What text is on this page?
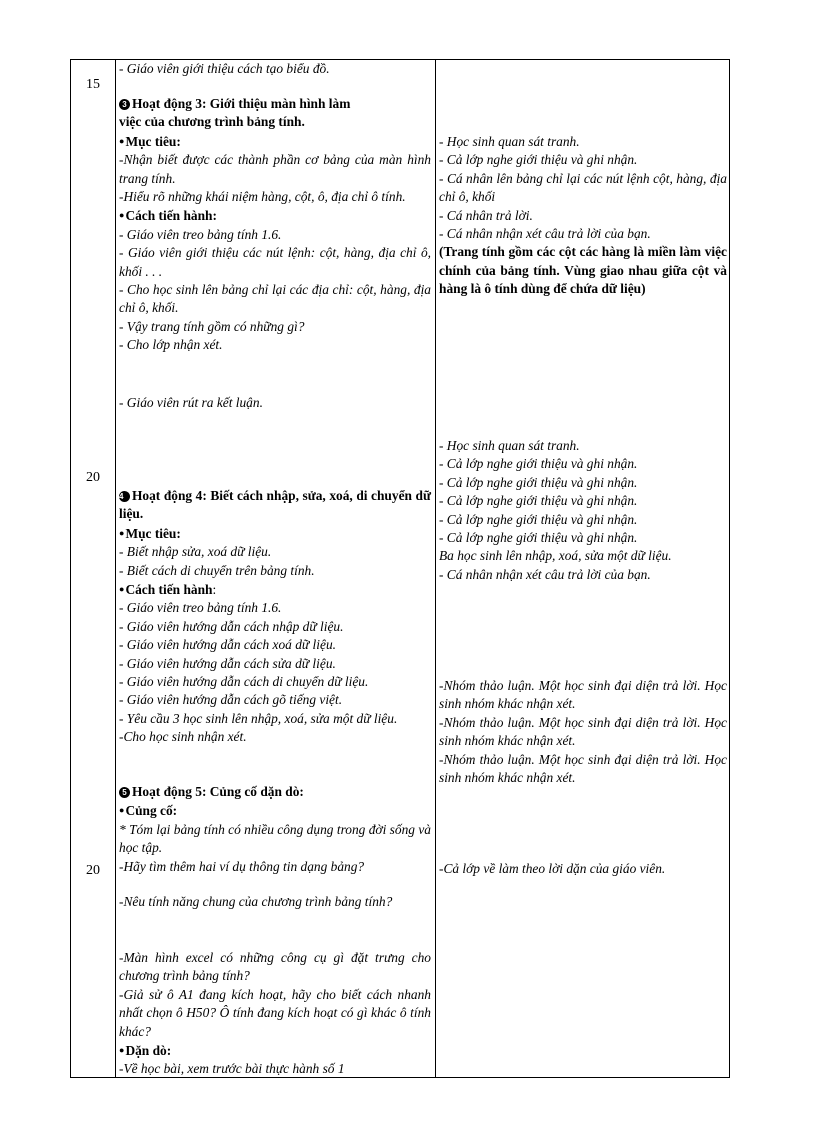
15
20
20
- Giáo viên giới thiệu cách tạo biểu đồ.
3 Hoạt động 3: Giới thiệu màn hình làm
việc của chương trình bảng tính.
● Mục tiêu:
-Nhận biết được các thành phần cơ bảng của màn hình trang tính.
-Hiểu rõ những khái niệm hàng, cột, ô, địa chỉ ô tính.
● Cách tiến hành:
- Giáo viên treo bảng tính 1.6.
- Giáo viên giới thiệu các nút lệnh: cột, hàng, địa chỉ ô, khối . . .
- Cho học sinh lên bảng chỉ lại các địa chỉ: cột, hàng, địa chỉ ô, khối.
- Vậy trang tính gồm có những gì?
- Cho lớp nhận xét.
- Giáo viên rút ra kết luận.
4 Hoạt động 4: Biết cách nhập, sửa, xoá, di chuyển dữ liệu.
● Mục tiêu:
- Biết nhập sửa, xoá dữ liệu.
- Biết cách di chuyển trên bảng tính.
● Cách tiến hành:
- Giáo viên treo bảng tính 1.6.
- Giáo viên hướng dẫn cách nhập dữ liệu.
- Giáo viên hướng dẫn cách xoá dữ liệu.
- Giáo viên hướng dẫn cách sửa dữ liệu.
- Giáo viên hướng dẫn cách di chuyển dữ liệu.
- Giáo viên hướng dẫn cách gõ tiếng việt.
- Yêu cầu 3 học sinh lên nhập, xoá, sửa một dữ liệu.
-Cho học sinh nhận xét.
5 Hoạt động 5: Củng cố dặn dò:
● Củng cố:
* Tóm lại bảng tính có nhiều công dụng trong đời sống và học tập.
-Hãy tìm thêm hai ví dụ thông tin dạng bảng?
-Nêu tính năng chung của chương trình bảng tính?
-Màn hình excel có những công cụ gì đặt trưng cho chương trình bảng tính?
-Giả sử ô A1 đang kích hoạt, hãy cho biết cách nhanh nhất chọn ô H50? Ô tính đang kích hoạt có gì khác ô tính khác?
● Dặn dò:
-Về học bài, xem trước bài thực hành số 1
- Học sinh quan sát tranh.
- Cả lớp nghe giới thiệu và ghi nhận.
- Cá nhân lên bảng chỉ lại các nút lệnh cột, hàng, địa chỉ ô, khối
- Cá nhân trả lời.
- Cá nhân nhận xét câu trả lời của bạn.
(Trang tính gồm các cột các hàng là miền làm việc chính của bảng tính. Vùng giao nhau giữa cột và hàng là ô tính dùng để chứa dữ liệu)
- Học sinh quan sát tranh.
- Cả lớp nghe giới thiệu và ghi nhận.
- Cả lớp nghe giới thiệu và ghi nhận.
- Cả lớp nghe giới thiệu và ghi nhận.
- Cả lớp nghe giới thiệu và ghi nhận.
- Cả lớp nghe giới thiệu và ghi nhận.
Ba học sinh lên nhập, xoá, sửa một dữ liệu.
- Cá nhân nhận xét câu trả lời của bạn.
-Nhóm thảo luận. Một học sinh đại diện trả lời. Học sinh nhóm khác nhận xét.
-Nhóm thảo luận. Một học sinh đại diện trả lời. Học sinh nhóm khác nhận xét.
-Nhóm thảo luận. Một học sinh đại diện trả lời. Học sinh nhóm khác nhận xét.
-Cả lớp về làm theo lời dặn của giáo viên.
